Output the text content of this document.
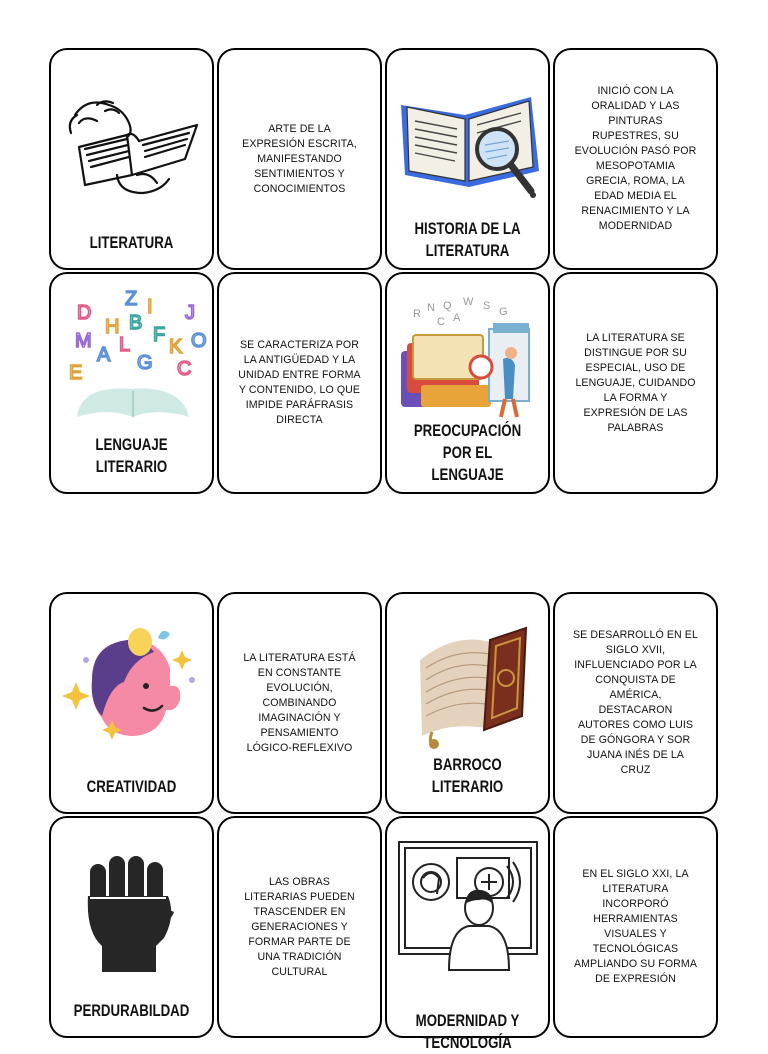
LITERATURA
ARTE DE LA EXPRESIÓN ESCRITA, MANIFESTANDO SENTIMIENTOS Y CONOCIMIENTOS
HISTORIA DE LA LITERATURA
INICIÓ CON LA ORALIDAD Y LAS PINTURAS RUPESTRES, SU EVOLUCIÓN PASÓ POR MESOPOTAMIA GRECIA, ROMA, LA EDAD MEDIA EL RENACIMIENTO Y LA MODERNIDAD
D
Z I J
H B
M
A L F
K O
E	G C
LENGUAJE LITERARIO
SE CARACTERIZA POR LA ANTIGÜEDAD Y LA UNIDAD ENTRE FORMA Y CONTENIDO, LO QUE IMPIDE PARÁFRASIS DIRECTA
R N Q W S G
C A
PREOCUPACIÓN POR EL LENGUAJE
LA LITERATURA SE DISTINGUE POR SU ESPECIAL, USO DE LENGUAJE, CUIDANDO LA FORMA Y EXPRESIÓN DE LAS PALABRAS
CREATIVIDAD
LA LITERATURA ESTÁ EN CONSTANTE EVOLUCIÓN, COMBINANDO IMAGINACIÓN Y PENSAMIENTO LÓGICO-REFLEXIVO
BARROCO LITERARIO
SE DESARROLLÓ EN EL SIGLO XVII, INFLUENCIADO POR LA CONQUISTA DE AMÉRICA, DESTACARON AUTORES COMO LUIS DE GÓNGORA Y SOR JUANA INÉS DE LA CRUZ
PERDURABILDAD
LAS OBRAS LITERARIAS PUEDEN TRASCENDER EN GENERACIONES Y FORMAR PARTE DE UNA TRADICIÓN CULTURAL
MODERNIDAD Y TECNOLOGÍA
EN EL SIGLO XXI, LA LITERATURA INCORPORÓ HERRAMIENTAS VISUALES Y TECNOLÓGICAS AMPLIANDO SU FORMA DE EXPRESIÓN
